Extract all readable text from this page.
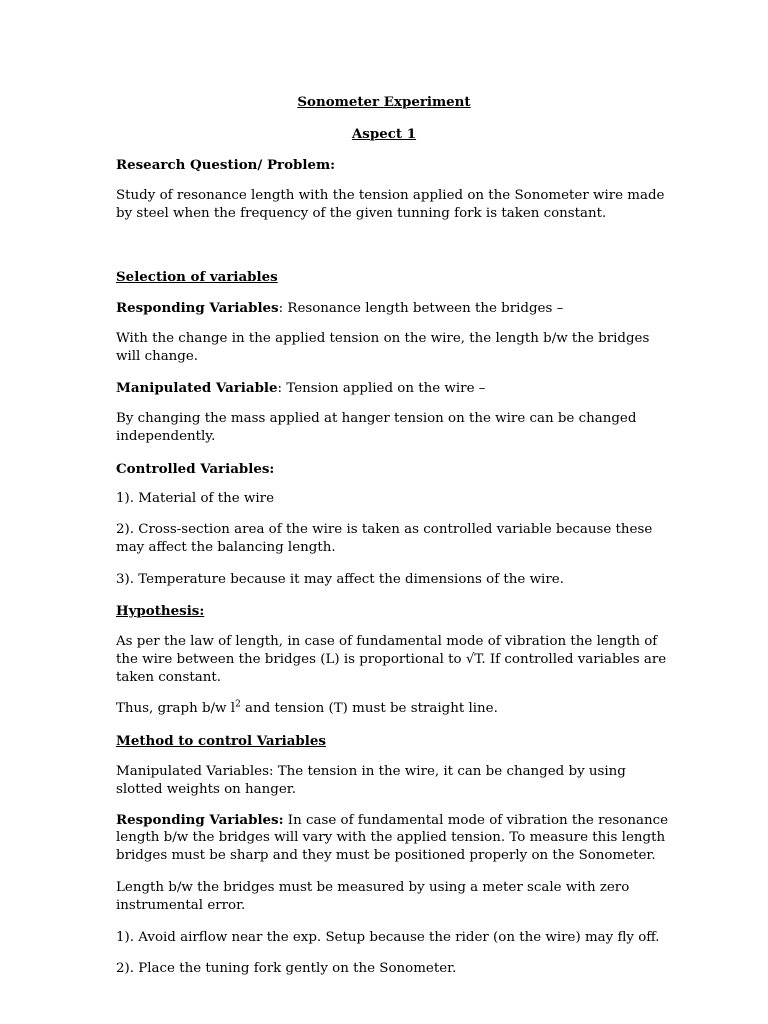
Sonometer Experiment
Aspect 1
Research Question/ Problem:
Study of resonance length with the tension applied on the Sonometer wire made
by steel when the frequency of the given tunning fork is taken constant.
Selection of variables
Responding Variables: Resonance length between the bridges –
With the change in the applied tension on the wire, the length b/w the bridges
will change.
Manipulated Variable: Tension applied on the wire –
By changing the mass applied at hanger tension on the wire can be changed
independently.
Controlled Variables:
1). Material of the wire
2). Cross-section area of the wire is taken as controlled variable because these
may affect the balancing length.
3). Temperature because it may affect the dimensions of the wire.
Hypothesis:
As per the law of length, in case of fundamental mode of vibration the length of
the wire between the bridges (L) is proportional to √T. If controlled variables are
taken constant.
Thus, graph b/w $l^2$ and tension (T) must be straight line.
Method to control Variables
Manipulated Variables: The tension in the wire, it can be changed by using
slotted weights on hanger.
Responding Variables: In case of fundamental mode of vibration the resonance
length b/w the bridges will vary with the applied tension. To measure this length
bridges must be sharp and they must be positioned properly on the Sonometer.
Length b/w the bridges must be measured by using a meter scale with zero
instrumental error.
1). Avoid airflow near the exp. Setup because the rider (on the wire) may fly off.
2). Place the tuning fork gently on the Sonometer.
